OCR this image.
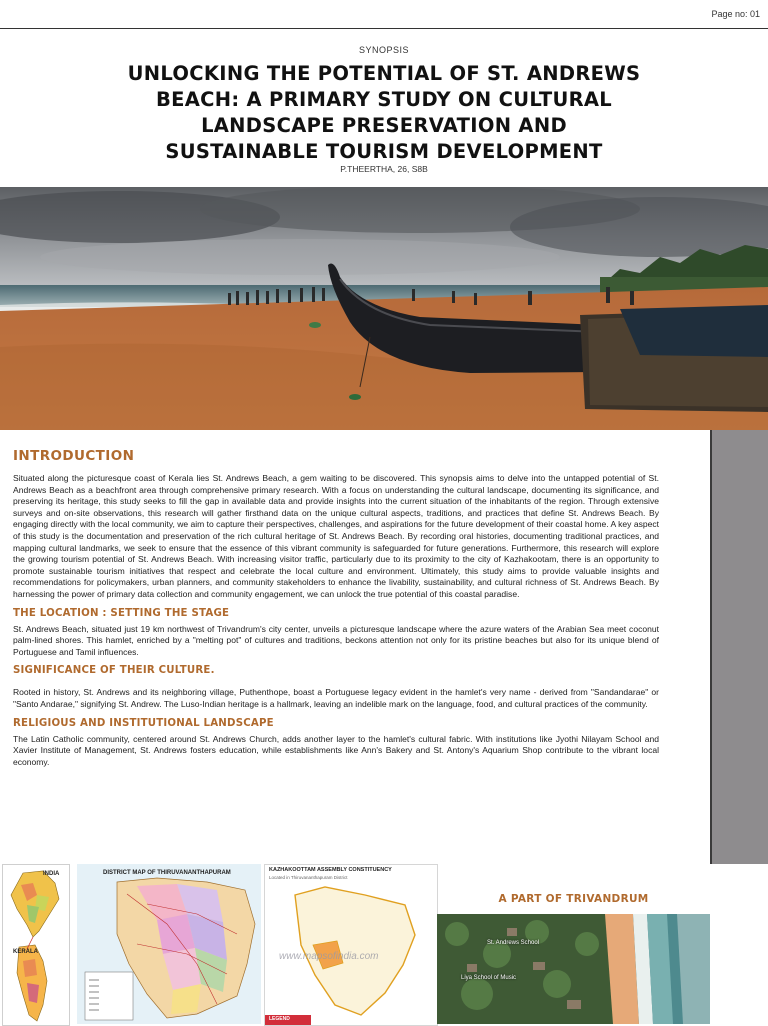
Page no: 01
SYNOPSIS
UNLOCKING THE POTENTIAL OF ST. ANDREWS
BEACH: A PRIMARY STUDY ON CULTURAL
LANDSCAPE PRESERVATION AND
SUSTAINABLE TOURISM DEVELOPMENT
P.THEERTHA, 26, S8B
INTRODUCTION

Situated along the picturesque coast of Kerala lies St. Andrews Beach, a gem waiting to be discovered. This synopsis aims to delve into the untapped potential of St. Andrews Beach as a beachfront area through comprehensive primary research. With a focus on understanding the cultural landscape, documenting its significance, and preserving its heritage, this study seeks to fill the gap in available data and provide insights into the current situation of the inhabitants of the region. Through extensive surveys and on-site observations, this research will gather firsthand data on the unique cultural aspects, traditions, and practices that define St. Andrews Beach. By engaging directly with the local community, we aim to capture their perspectives, challenges, and aspirations for the future development of their coastal home. A key aspect of this study is the documentation and preservation of the rich cultural heritage of St. Andrews Beach. By recording oral histories, documenting traditional practices, and mapping cultural landmarks, we seek to ensure that the essence of this vibrant community is safeguarded for future generations. Furthermore, this research will explore the growing tourism potential of St. Andrews Beach. With increasing visitor traffic, particularly due to its proximity to the city of Kazhakootam, there is an opportunity to promote sustainable tourism initiatives that respect and celebrate the local culture and environment. Ultimately, this study aims to provide valuable insights and recommendations for policymakers, urban planners, and community stakeholders to enhance the livability, sustainability, and cultural richness of St. Andrews Beach. By harnessing the power of primary data collection and community engagement, we can unlock the true potential of this coastal paradise.

THE LOCATION : SETTING THE STAGE

St. Andrews Beach, situated just 19 km northwest of Trivandrum's city center, unveils a picturesque landscape where the azure waters of the Arabian Sea meet coconut palm-lined shores. This hamlet, enriched by a "melting pot" of cultures and traditions, beckons attention not only for its pristine beaches but also for its unique blend of Portuguese and Tamil influences.

SIGNIFICANCE OF THEIR CULTURE.

Rooted in history, St. Andrews and its neighboring village, Puthenthope, boast a Portuguese legacy evident in the hamlet's very name - derived from "Sandandarae" or "Santo Andarae," signifying St. Andrew. The Luso-Indian heritage is a hallmark, leaving an indelible mark on the language, food, and cultural practices of the community.

RELIGIOUS AND INSTITUTIONAL LANDSCAPE

The Latin Catholic community, centered around St. Andrews Church, adds another layer to the hamlet's cultural fabric. With institutions like Jyothi Nilayam School and Xavier Institute of Management, St. Andrews fosters education, while establishments like Ann's Bakery and St. Antony's Aquarium Shop contribute to the vibrant local economy.

INDIA
KERALA
DISTRICT MAP OF THIRUVANANTHAPURAM	KAZHAKOOTTAM ASSEMBLY CONSTITUENCY
Located in Thiruvananthapuram District
www.mapsofindia.com
LEGEND
A PART OF TRIVANDRUM
St. Andrews School
Liya School of Music
